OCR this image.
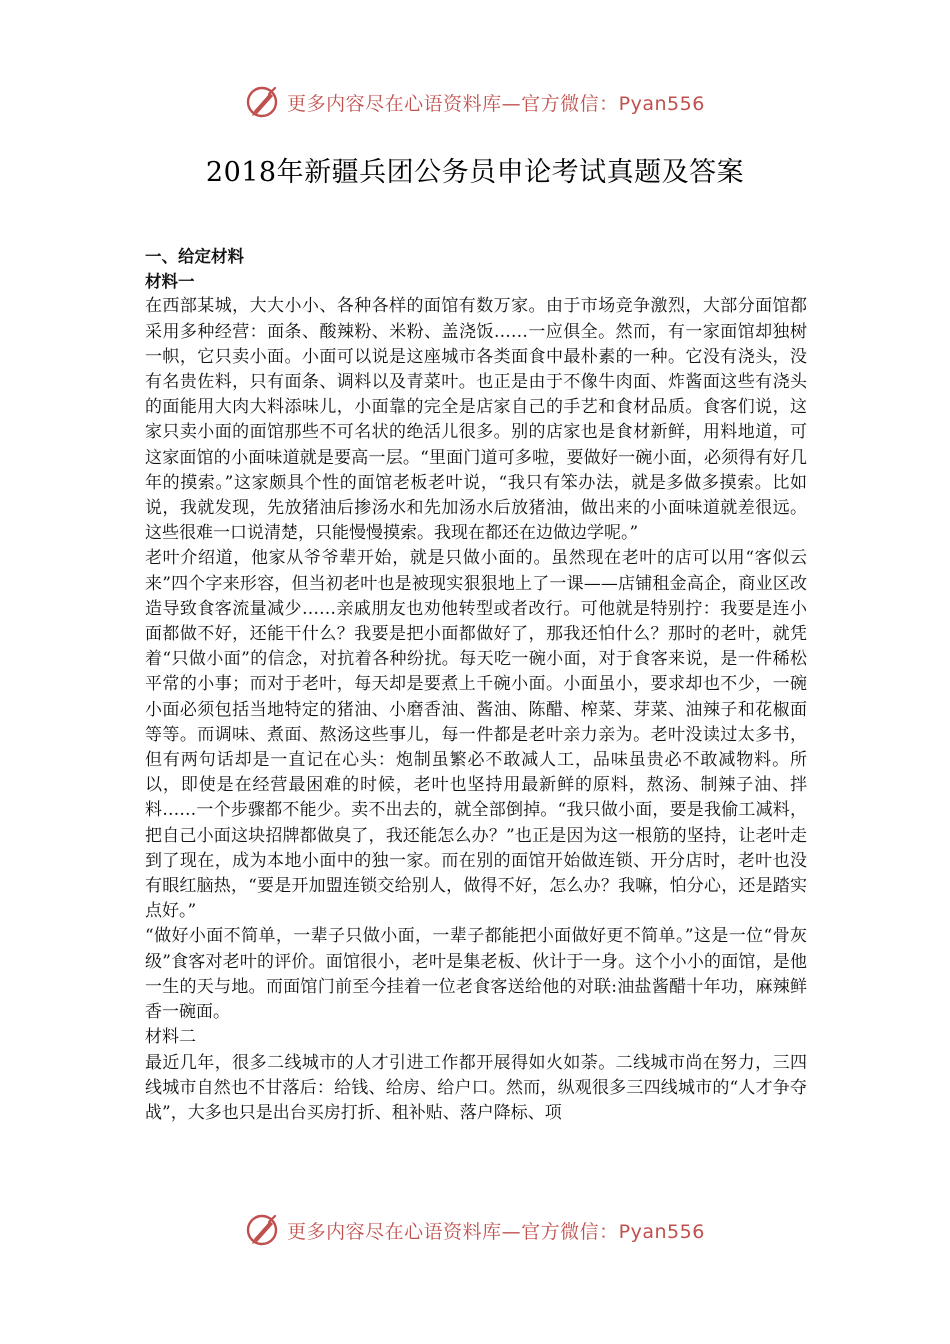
更多内容尽在心语资料库—官方微信：Pyan556
2018年新疆兵团公务员申论考试真题及答案
一、给定材料
材料一

在西部某城，大大小小、各种各样的面馆有数万家。由于市场竞争激烈，大部分面馆都采用多种经营：面条、酸辣粉、米粉、盖浇饭……一应俱全。然而，有一家面馆却独树一帜，它只卖小面。小面可以说是这座城市各类面食中最朴素的一种。它没有浇头，没有名贵佐料，只有面条、调料以及青菜叶。也正是由于不像牛肉面、炸酱面这些有浇头的面能用大肉大料添味儿，小面靠的完全是店家自己的手艺和食材品质。食客们说，这家只卖小面的面馆那些不可名状的绝活儿很多。别的店家也是食材新鲜，用料地道，可这家面馆的小面味道就是要高一层。“里面门道可多啦，要做好一碗小面，必须得有好几年的摸索。”这家颇具个性的面馆老板老叶说，“我只有笨办法，就是多做多摸索。比如说，我就发现，先放猪油后掺汤水和先加汤水后放猪油，做出来的小面味道就差很远。这些很难一口说清楚，只能慢慢摸索。我现在都还在边做边学呢。”

老叶介绍道，他家从爷爷辈开始，就是只做小面的。虽然现在老叶的店可以用“客似云来”四个字来形容，但当初老叶也是被现实狠狠地上了一课——店铺租金高企，商业区改造导致食客流量减少……亲戚朋友也劝他转型或者改行。可他就是特别拧：我要是连小面都做不好，还能干什么？我要是把小面都做好了，那我还怕什么？那时的老叶，就凭着“只做小面”的信念，对抗着各种纷扰。每天吃一碗小面，对于食客来说，是一件稀松平常的小事；而对于老叶，每天却是要煮上千碗小面。小面虽小，要求却也不少，一碗小面必须包括当地特定的猪油、小磨香油、酱油、陈醋、榨菜、芽菜、油辣子和花椒面等等。而调味、煮面、熬汤这些事儿，每一件都是老叶亲力亲为。老叶没读过太多书，但有两句话却是一直记在心头：炮制虽繁必不敢减人工，品味虽贵必不敢减物料。所以，即使是在经营最困难的时候，老叶也坚持用最新鲜的原料，熬汤、制辣子油、拌料……一个步骤都不能少。卖不出去的，就全部倒掉。“我只做小面，要是我偷工减料，把自己小面这块招牌都做臭了，我还能怎么办？”也正是因为这一根筋的坚持，让老叶走到了现在，成为本地小面中的独一家。而在别的面馆开始做连锁、开分店时，老叶也没有眼红脑热，“要是开加盟连锁交给别人，做得不好，怎么办？我嘛，怕分心，还是踏实点好。”

“做好小面不简单，一辈子只做小面，一辈子都能把小面做好更不简单。”这是一位“骨灰级”食客对老叶的评价。面馆很小，老叶是集老板、伙计于一身。这个小小的面馆，是他一生的天与地。而面馆门前至今挂着一位老食客送给他的对联:油盐酱醋十年功，麻辣鲜香一碗面。

材料二

最近几年，很多二线城市的人才引进工作都开展得如火如荼。二线城市尚在努力，三四线城市自然也不甘落后：给钱、给房、给户口。然而，纵观很多三四线城市的“人才争夺战”，大多也只是出台买房打折、租补贴、落户降标、项

更多内容尽在心语资料库—官方微信：Pyan556
